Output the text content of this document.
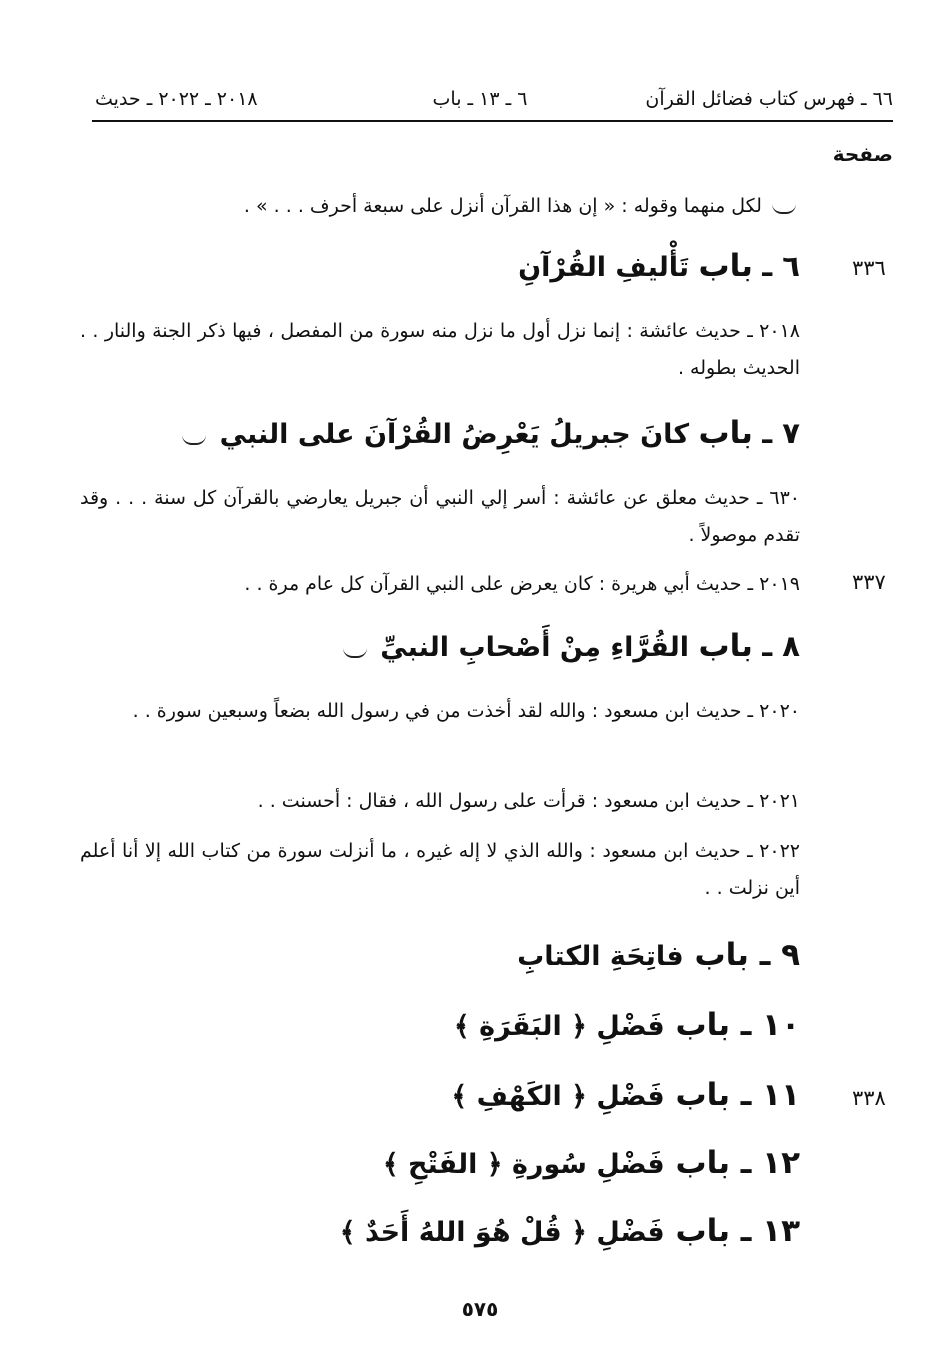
٦٦ ـ فهرس كتاب فضائل القرآن
٦ ـ ١٣ ـ باب
٢٠١٨ ـ ٢٠٢٢ ـ حديث
صفحة
لكل منهما وقوله : « إن هذا القرآن أنزل على سبعة أحرف . . . » .
٣٣٦
٦ ـ باب تَأْليفِ القُرْآنِ
٢٠١٨ ـ حديث عائشة : إنما نزل أول ما نزل منه سورة من المفصل ، فيها ذكر الجنة والنار . . الحديث بطوله .
٧ ـ باب كانَ جبريلُ يَعْرِضُ القُرْآنَ على النبي
٦٣٠ ـ حديث معلق عن عائشة : أسر إلي النبي أن جبريل يعارضي بالقرآن كل سنة . . . وقد تقدم موصولاً .
٣٣٧
٢٠١٩ ـ حديث أبي هريرة : كان يعرض على النبي القرآن كل عام مرة . .
٨ ـ باب القُرَّاءِ مِنْ أَصْحابِ النبيِّ
٢٠٢٠ ـ حديث ابن مسعود : والله لقد أخذت من في رسول الله بضعاً وسبعين سورة . .
٢٠٢١ ـ حديث ابن مسعود : قرأت على رسول الله ، فقال : أحسنت . .
٢٠٢٢ ـ حديث ابن مسعود : والله الذي لا إله غيره ، ما أنزلت سورة من كتاب الله إلا أنا أعلم أين نزلت . .
٩ ـ باب فاتِحَةِ الكتابِ
١٠ ـ باب فَضْلِ ﴿ البَقَرَةِ ﴾
٣٣٨
١١ ـ باب فَضْلِ ﴿ الكَهْفِ ﴾
١٢ ـ باب فَضْلِ سُورةِ ﴿ الفَتْحِ ﴾
١٣ ـ باب فَضْلِ ﴿ قُلْ هُوَ اللهُ أَحَدٌ ﴾
٥٧٥
